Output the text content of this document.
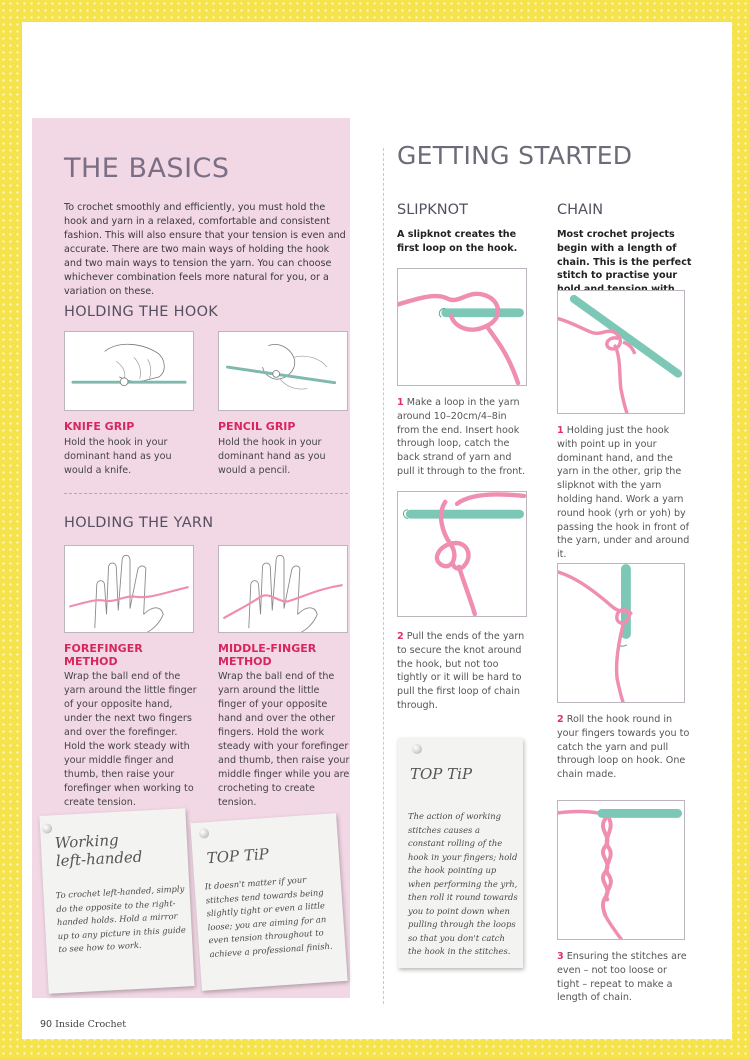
THE BASICS
To crochet smoothly and efficiently, you must hold the hook and yarn in a relaxed, comfortable and consistent fashion. This will also ensure that your tension is even and accurate. There are two main ways of holding the hook and two main ways to tension the yarn. You can choose whichever combination feels more natural for you, or a variation on these.
HOLDING THE HOOK
KNIFE GRIP
Hold the hook in your dominant hand as you would a knife.
PENCIL GRIP
Hold the hook in your dominant hand as you would a pencil.
HOLDING THE YARN
FOREFINGER
METHOD
Wrap the ball end of the yarn around the little finger of your opposite hand, under the next two fingers and over the forefinger. Hold the work steady with your middle finger and thumb, then raise your forefinger when working to create tension.
MIDDLE-FINGER
METHOD
Wrap the ball end of the yarn around the little finger of your opposite hand and over the other fingers. Hold the work steady with your forefinger and thumb, then raise your middle finger while you are crocheting to create tension.
Working
left-handed
To crochet left-handed, simply do the opposite to the right-handed holds. Hold a mirror up to any picture in this guide to see how to work.
TOP TiP
It doesn't matter if your stitches tend towards being slightly tight or even a little loose; you are aiming for an even tension throughout to achieve a professional finish.
GETTING STARTED
SLIPKNOT
A slipknot creates the first loop on the hook.
CHAIN
Most crochet projects begin with a length of chain. This is the perfect stitch to practise your
1 Make a loop in the yarn around 10–20cm/4–8in from the end. Insert hook through loop, catch the back strand of yarn and pull it through to the front.
2 Pull the ends of the yarn to secure the knot around the hook, but not too tightly or it will be hard to pull the first loop of chain through.
TOP TiP
The action of working stitches causes a constant rolling of the hook in your fingers; hold the hook pointing up when performing the yrh, then roll it round towards you to point down when pulling through the loops so that you don't catch the hook in the stitches.
1 Holding just the hook with point up in your dominant hand, and the yarn in the other, grip the slipknot with the yarn holding hand. Work a yarn round hook (yrh or yoh) by passing the hook in front of the yarn, under and around it.
2 Roll the hook round in your fingers towards you to catch the yarn and pull through loop on hook. One chain made.
3 Ensuring the stitches are even – not too loose or tight – repeat to make a length of chain.
90 Inside Crochet
